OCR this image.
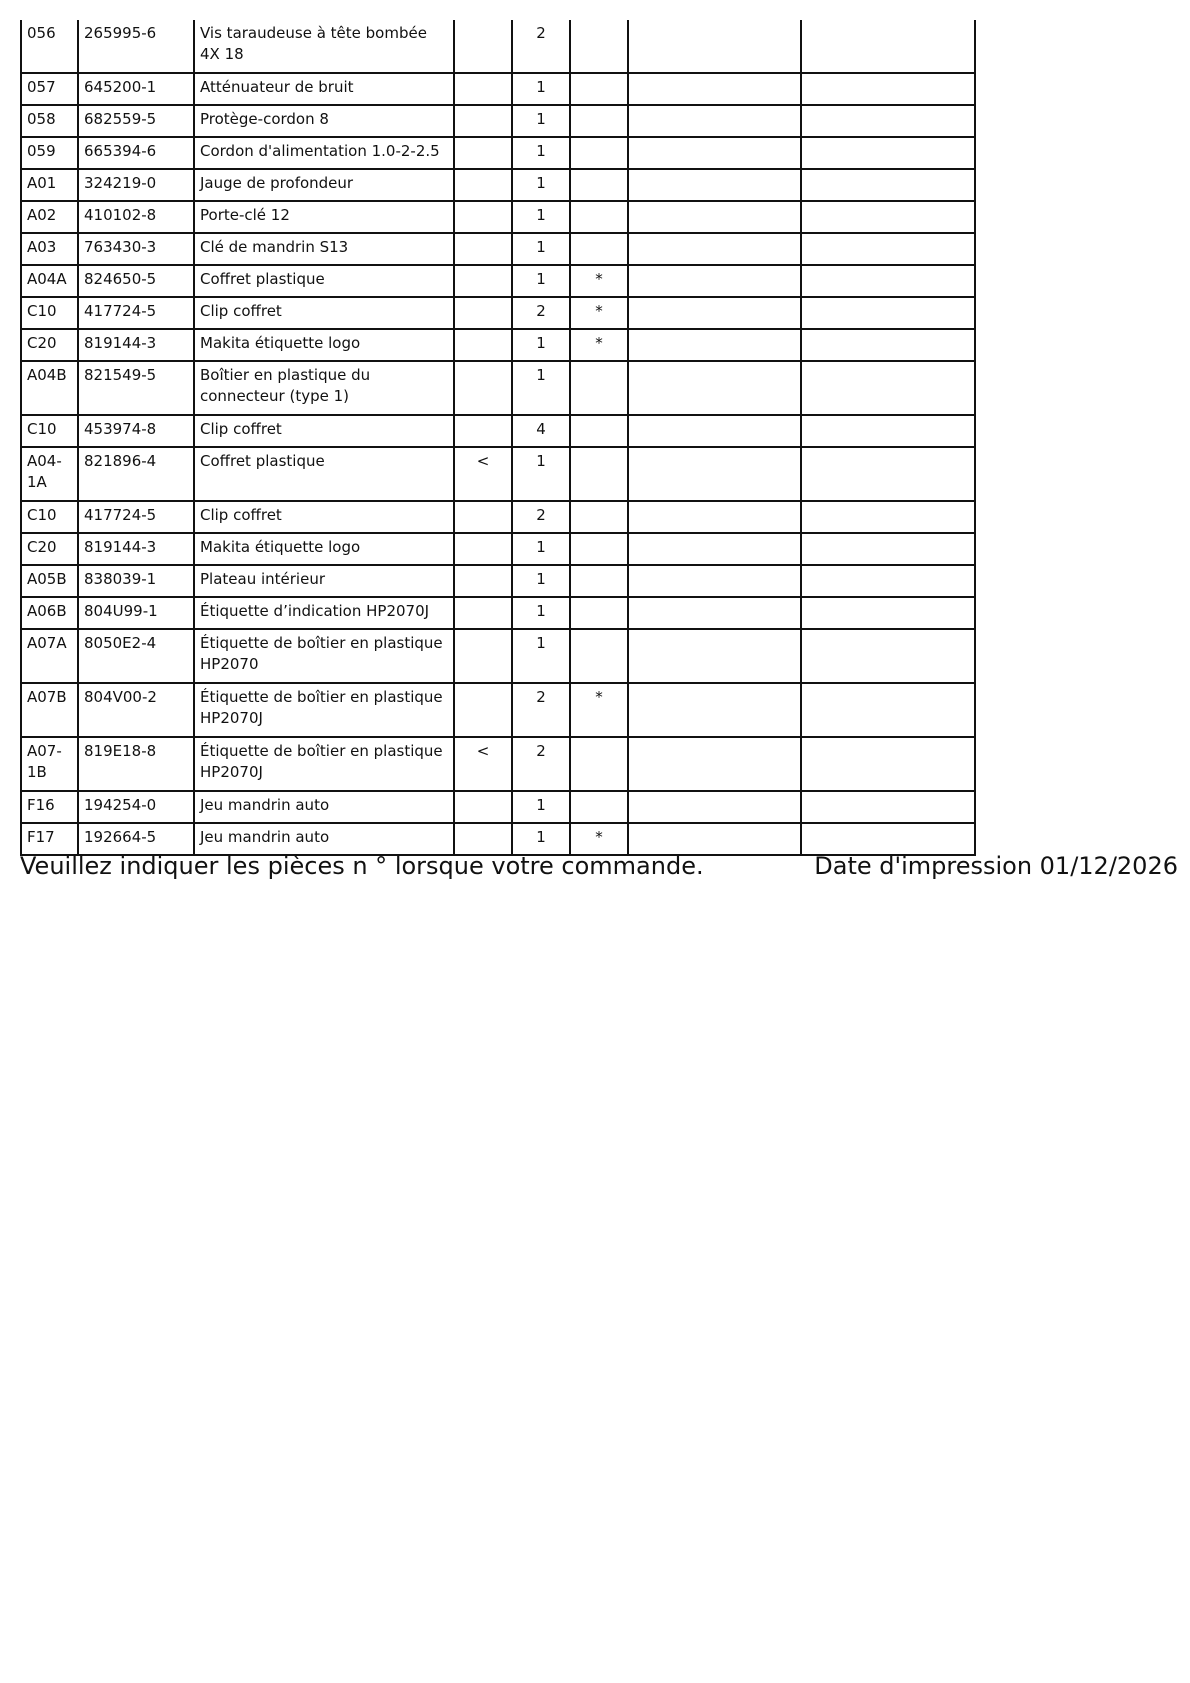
056	265995-6	Vis taraudeuse à tête bombée 4X 18		2			
057	645200-1	Atténuateur de bruit		1			
058	682559-5	Protège-cordon 8		1			
059	665394-6	Cordon d'alimentation 1.0-2-2.5		1			
A01	324219-0	Jauge de profondeur		1			
A02	410102-8	Porte-clé 12		1			
A03	763430-3	Clé de mandrin S13		1			
A04A	824650-5	Coffret plastique		1	*		
C10	417724-5	Clip coffret		2	*		
C20	819144-3	Makita étiquette logo		1	*		
A04B	821549-5	Boîtier en plastique du connecteur (type 1)		1			
C10	453974-8	Clip coffret		4			
A04-1A	821896-4	Coffret plastique	<	1			
C10	417724-5	Clip coffret		2			
C20	819144-3	Makita étiquette logo		1			
A05B	838039-1	Plateau intérieur		1			
A06B	804U99-1	Étiquette d’indication HP2070J		1			
A07A	8050E2-4	Étiquette de boîtier en plastique HP2070		1			
A07B	804V00-2	Étiquette de boîtier en plastique HP2070J		2	*		
A07-1B	819E18-8	Étiquette de boîtier en plastique HP2070J	<	2			
F16	194254-0	Jeu mandrin auto		1			
F17	192664-5	Jeu mandrin auto		1	*		
Veuillez indiquer les pièces n ° lorsque votre commande.	Date d'impression 01/12/2026
